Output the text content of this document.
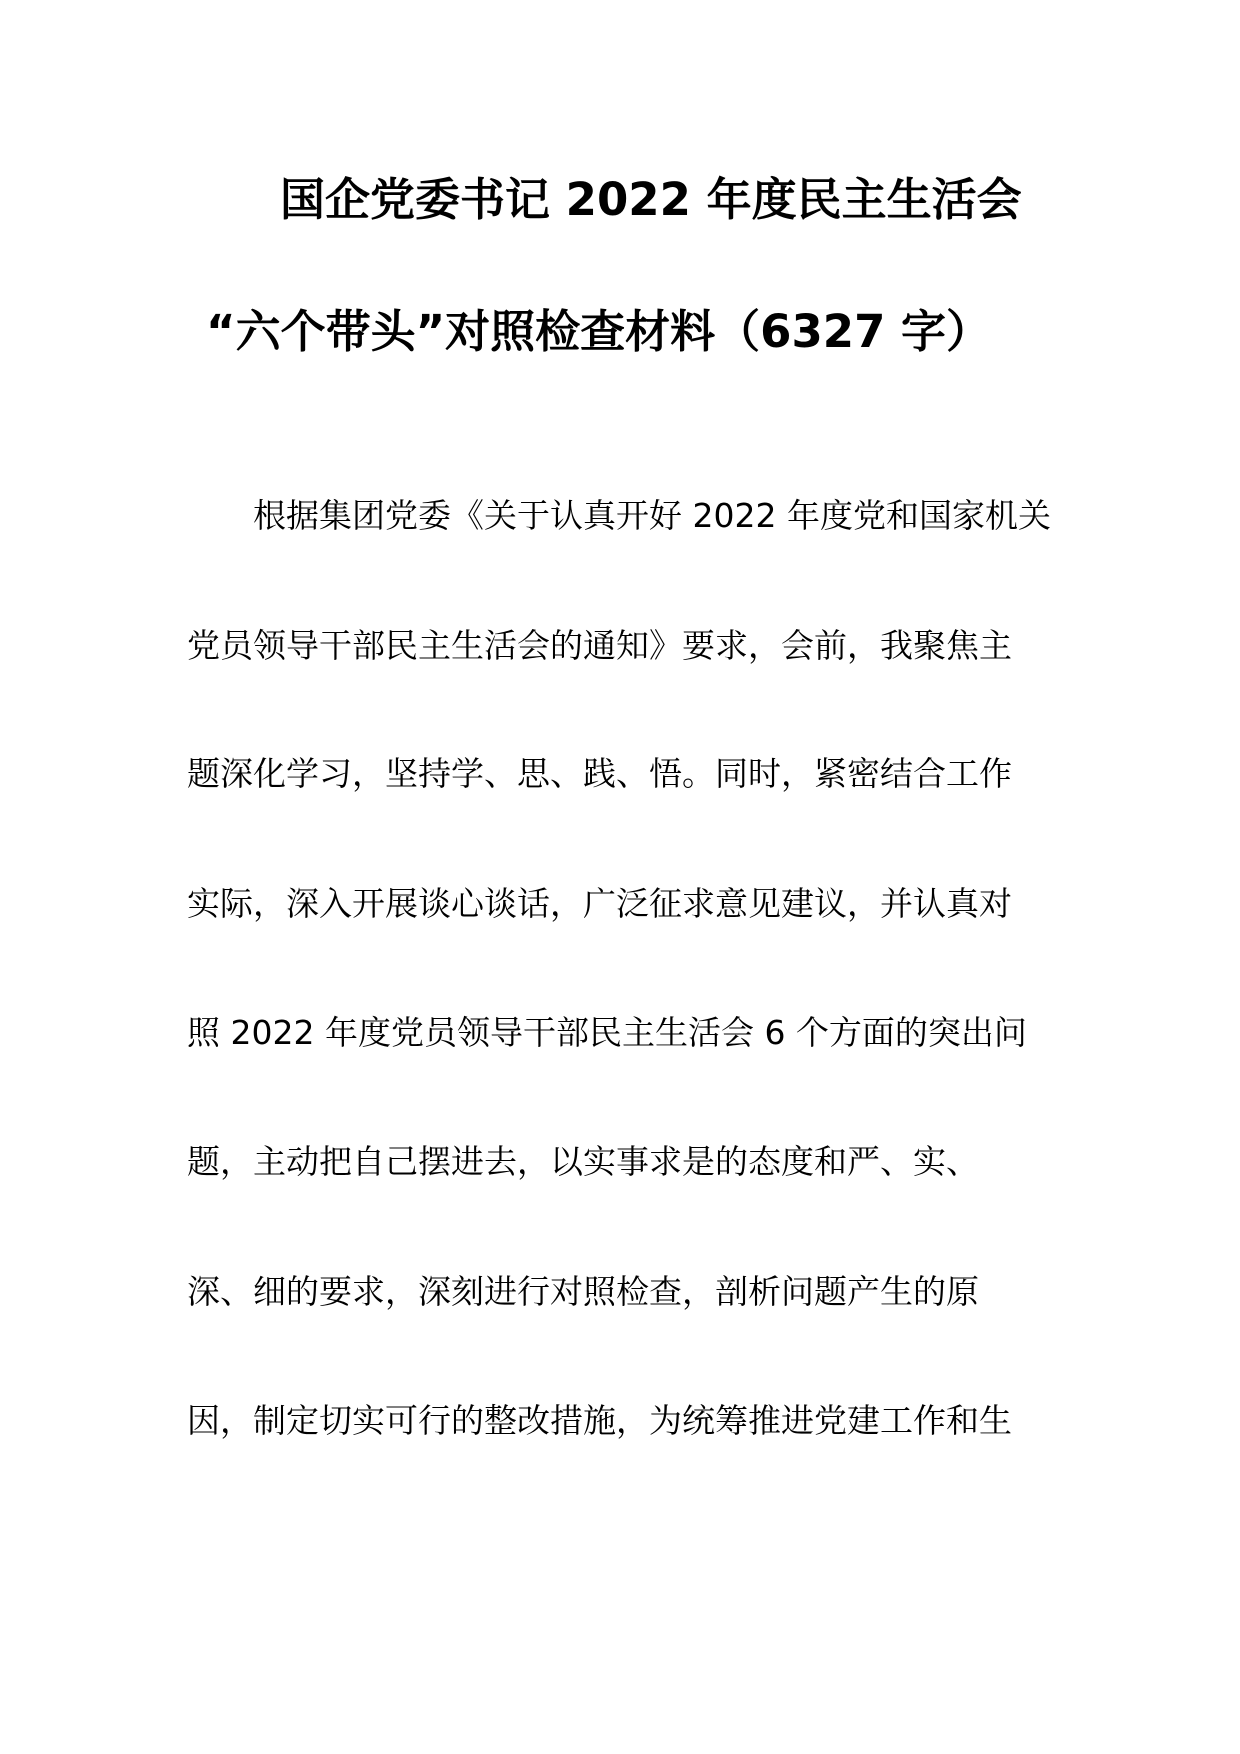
国企党委书记 2022 年度民主生活会
“六个带头”对照检查材料（6327 字）

根据集团党委《关于认真开好 2022 年度党和国家机关

党员领导干部民主生活会的通知》要求，会前，我聚焦主

题深化学习，坚持学、思、践、悟。同时，紧密结合工作

实际，深入开展谈心谈话，广泛征求意见建议，并认真对

照 2022 年度党员领导干部民主生活会 6 个方面的突出问

题，主动把自己摆进去，以实事求是的态度和严、实、

深、细的要求，深刻进行对照检查，剖析问题产生的原

因，制定切实可行的整改措施，为统筹推进党建工作和生
